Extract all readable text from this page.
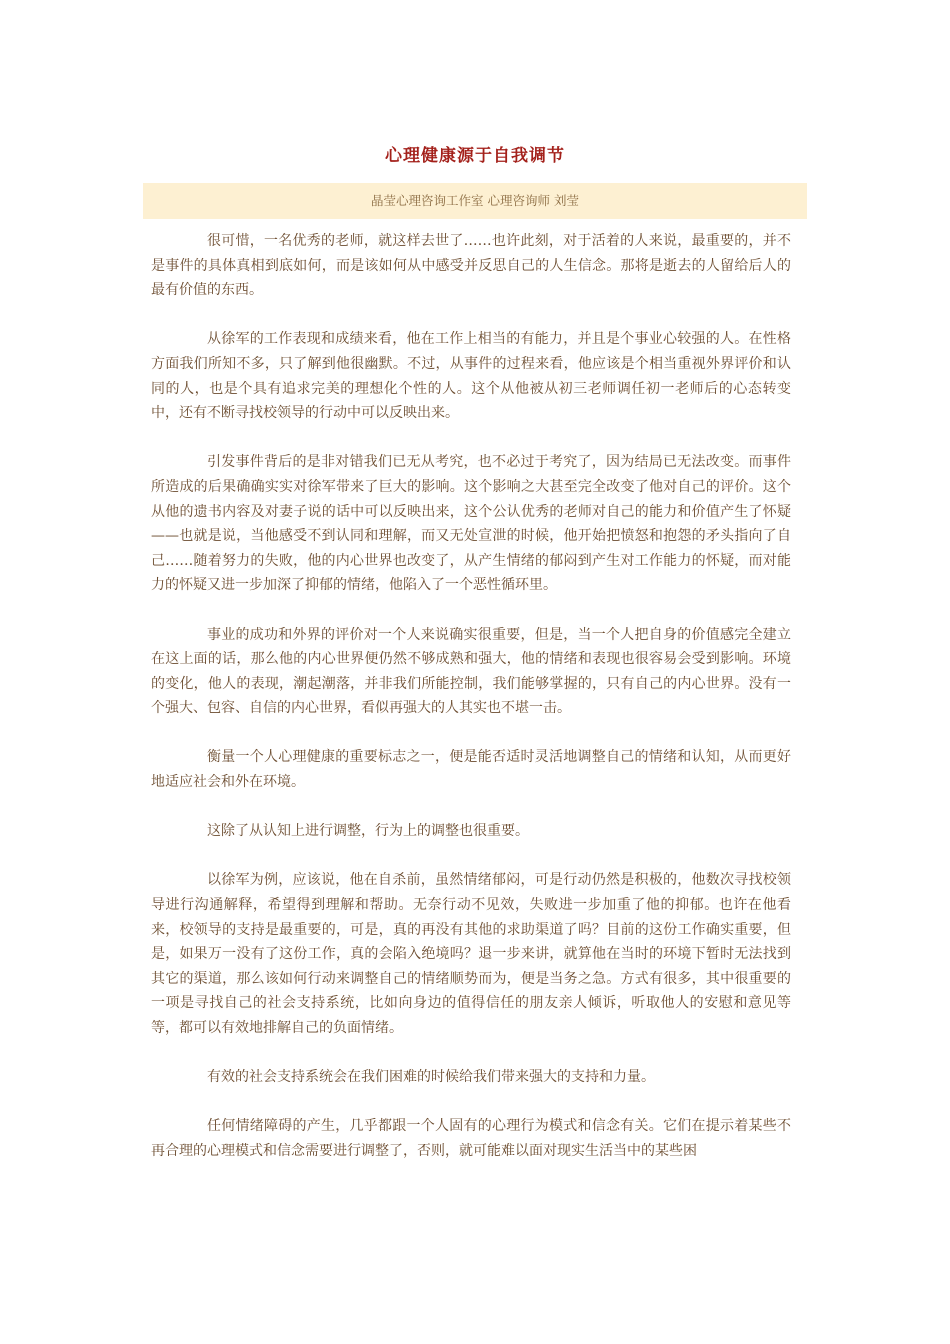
心理健康源于自我调节
晶莹心理咨询工作室 心理咨询师 刘莹

很可惜，一名优秀的老师，就这样去世了……也许此刻，对于活着的人来说，最重要的，并不是事件的具体真相到底如何，而是该如何从中感受并反思自己的人生信念。那将是逝去的人留给后人的最有价值的东西。

从徐军的工作表现和成绩来看，他在工作上相当的有能力，并且是个事业心较强的人。在性格方面我们所知不多，只了解到他很幽默。不过，从事件的过程来看，他应该是个相当重视外界评价和认同的人，也是个具有追求完美的理想化个性的人。这个从他被从初三老师调任初一老师后的心态转变中，还有不断寻找校领导的行动中可以反映出来。

引发事件背后的是非对错我们已无从考究，也不必过于考究了，因为结局已无法改变。而事件所造成的后果确确实实对徐军带来了巨大的影响。这个影响之大甚至完全改变了他对自己的评价。这个从他的遗书内容及对妻子说的话中可以反映出来，这个公认优秀的老师对自己的能力和价值产生了怀疑——也就是说，当他感受不到认同和理解，而又无处宣泄的时候，他开始把愤怒和抱怨的矛头指向了自己……随着努力的失败，他的内心世界也改变了，从产生情绪的郁闷到产生对工作能力的怀疑，而对能力的怀疑又进一步加深了抑郁的情绪，他陷入了一个恶性循环里。

事业的成功和外界的评价对一个人来说确实很重要，但是，当一个人把自身的价值感完全建立在这上面的话，那么他的内心世界便仍然不够成熟和强大，他的情绪和表现也很容易会受到影响。环境的变化，他人的表现，潮起潮落，并非我们所能控制，我们能够掌握的，只有自己的内心世界。没有一个强大、包容、自信的内心世界，看似再强大的人其实也不堪一击。

衡量一个人心理健康的重要标志之一，便是能否适时灵活地调整自己的情绪和认知，从而更好地适应社会和外在环境。

这除了从认知上进行调整，行为上的调整也很重要。

以徐军为例，应该说，他在自杀前，虽然情绪郁闷，可是行动仍然是积极的，他数次寻找校领导进行沟通解释，希望得到理解和帮助。无奈行动不见效，失败进一步加重了他的抑郁。也许在他看来，校领导的支持是最重要的，可是，真的再没有其他的求助渠道了吗？目前的这份工作确实重要，但是，如果万一没有了这份工作，真的会陷入绝境吗？退一步来讲，就算他在当时的环境下暂时无法找到其它的渠道，那么该如何行动来调整自己的情绪顺势而为，便是当务之急。方式有很多，其中很重要的一项是寻找自己的社会支持系统，比如向身边的值得信任的朋友亲人倾诉，听取他人的安慰和意见等等，都可以有效地排解自己的负面情绪。

有效的社会支持系统会在我们困难的时候给我们带来强大的支持和力量。

任何情绪障碍的产生，几乎都跟一个人固有的心理行为模式和信念有关。它们在提示着某些不再合理的心理模式和信念需要进行调整了，否则，就可能难以面对现实生活当中的某些困
